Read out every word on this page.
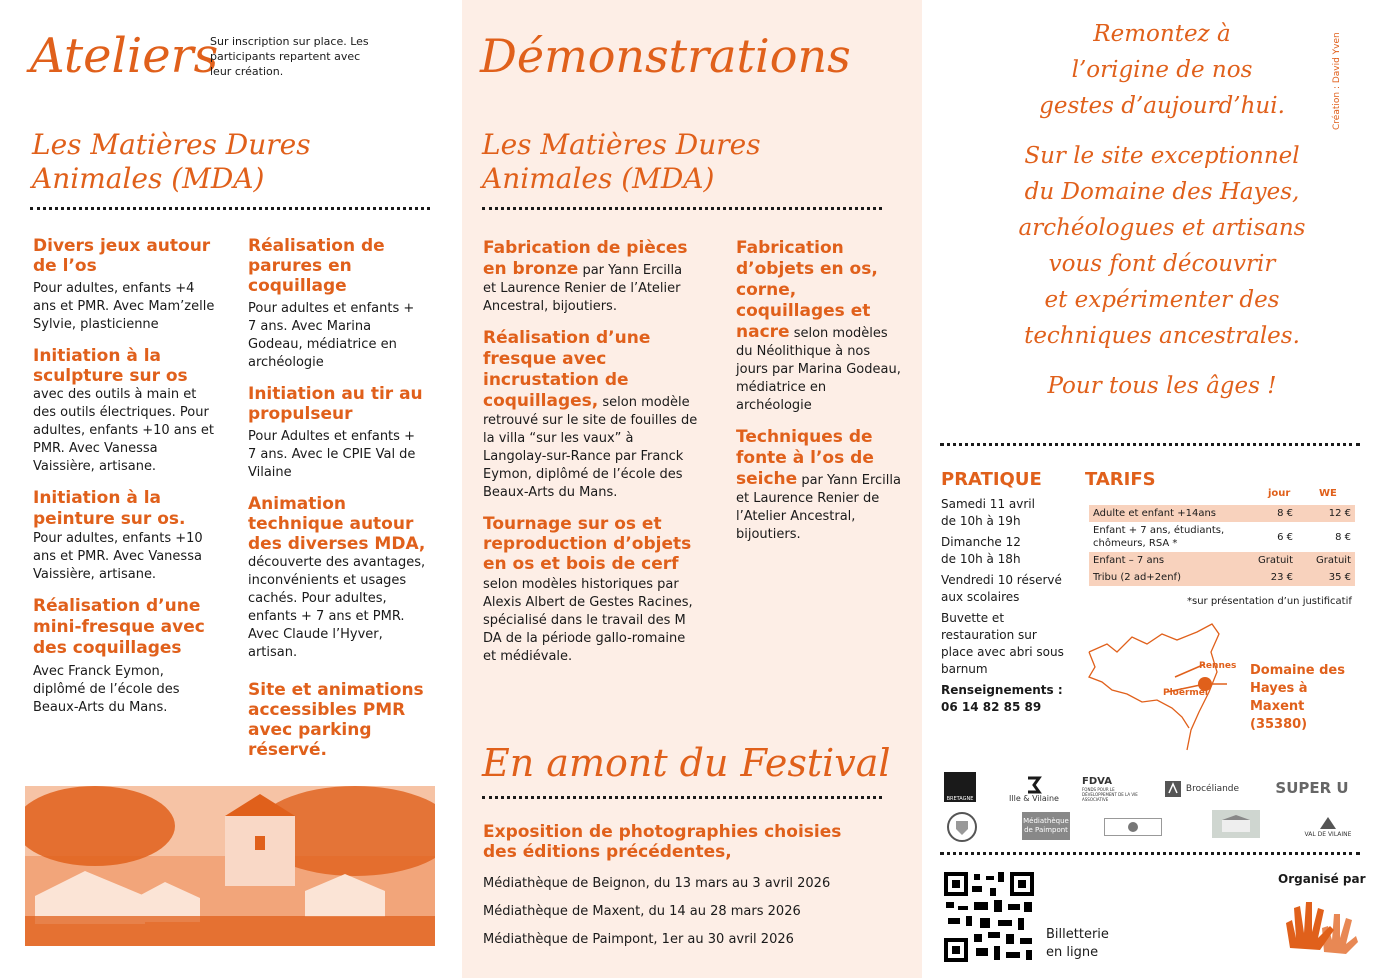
Ateliers

Sur inscription sur place. Les participants repartent avec leur création.

Les Matières Dures
Animales (MDA)
Divers jeux autour de l’os

Pour adultes, enfants +4 ans et PMR. Avec Mam’zelle Sylvie, plasticienne

Initiation à la sculpture sur os

avec des outils à main et des outils électriques. Pour adultes, enfants +10 ans et PMR. Avec Vanessa Vaissière, artisane.

Initiation à la peinture sur os. Pour adultes, enfants +10 ans et PMR. Avec Vanessa Vaissière, artisane.

Réalisation d’une mini-fresque avec des coquillages

Avec Franck Eymon, diplômé de l’école des Beaux-Arts du Mans.

Réalisation de parures en coquillage

Pour adultes et enfants + 7 ans. Avec Marina Godeau, médiatrice en archéologie

Initiation au tir au propulseur

Pour Adultes et enfants + 7 ans. Avec le CPIE Val de Vilaine

Animation technique autour des diverses MDA,

découverte des avantages, inconvénients et usages cachés. Pour adultes, enfants + 7 ans et PMR. Avec Claude l’Hyver, artisan.

Site et animations accessibles PMR avec parking réservé.
Démonstrations
Les Matières Dures
Animales (MDA)

Fabrication de pièces en bronze par Yann Ercilla et Laurence Renier de l’Atelier Ancestral, bijoutiers.

Réalisation d’une fresque avec incrustation de coquillages, selon modèle retrouvé sur le site de fouilles de la villa “sur les vaux” à Langolay-sur-Rance par Franck Eymon, diplômé de l’école des Beaux-Arts du Mans.

Tournage sur os et reproduction d’objets en os et bois de cerf

selon modèles historiques par Alexis Albert de Gestes Racines, spécialisé dans le travail des M DA de la période gallo-romaine et médiévale.

Fabrication d’objets en os, corne, coquillages et nacre selon modèles du Néolithique à nos jours par Marina Godeau, médiatrice en archéologie

Techniques de fonte à l’os de seiche par Yann Ercilla et Laurence Renier de l’Atelier Ancestral, bijoutiers.

En amont du Festival
Exposition de photographies choisies des éditions précédentes,
Médiathèque de Beignon, du 13 mars au 3 avril 2026
Médiathèque de Maxent, du 14 au 28 mars 2026
Médiathèque de Paimpont, 1er au 30 avril 2026
Création : David Yven
Remontez à
l’origine de nos
gestes d’aujourd’hui.
Sur le site exceptionnel
du Domaine des Hayes,
archéologues et artisans
vous font découvrir
et expérimenter des
techniques ancestrales.
Pour tous les âges !
PRATIQUE
Samedi 11 avril
de 10h à 19h
Dimanche 12
de 10h à 18h
Vendredi 10 réservé
aux scolaires
Buvette et
restauration sur
place avec abri sous
barnum
Renseignements :
06 14 82 85 89
TARIFS
jour	WE
Adulte et enfant +14ans	8 €	12 €
Enfant + 7 ans, étudiants, chômeurs, RSA *	6 €	8 €
Enfant – 7 ans	Gratuit	Gratuit
Tribu (2 ad+2enf)	23 €	35 €
*sur présentation d’un justificatif
Rennes
Ploërmel
Domaine des Hayes à Maxent (35380)
BRETAGNE	Ille & Vilaine
FDVA
FONDS POUR LE DÉVELOPPEMENT DE LA VIE ASSOCIATIVE
Brocéliande SUPER U
Médiathèque de Paimpont	VAL DE VILAINE
Billetterie en ligne
Organisé par
